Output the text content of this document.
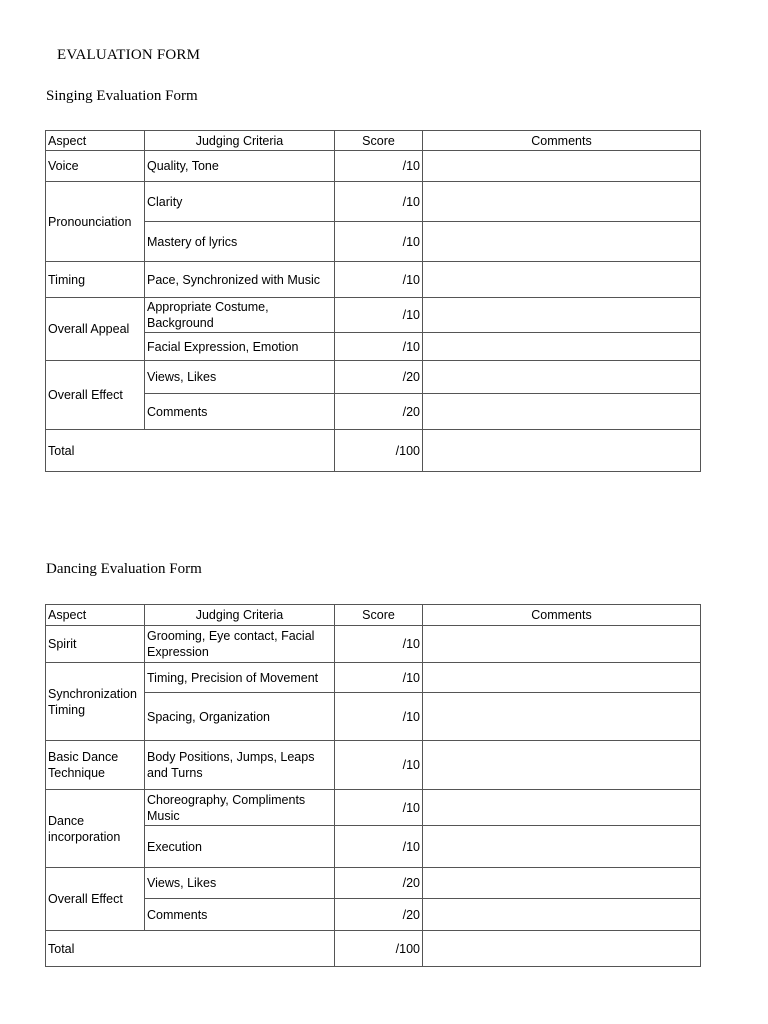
EVALUATION FORM
Singing Evaluation Form
Aspect	Judging Criteria	Score	Comments
Voice	Quality, Tone	/10	
Pronounciation	Clarity	/10	
	Mastery of lyrics	/10	
Timing	Pace, Synchronized with Music	/10	
Overall Appeal	Appropriate Costume, Background	/10	
	Facial Expression, Emotion	/10	
Overall Effect	Views, Likes	/20	
	Comments	/20	
Total		/100	
Dancing Evaluation Form
Aspect	Judging Criteria	Score	Comments
Spirit	Grooming, Eye contact, Facial Expression	/10	
Synchronization Timing	Timing, Precision of Movement	/10	
	Spacing, Organization	/10	
Basic Dance Technique	Body Positions, Jumps, Leaps and Turns	/10	
Dance incorporation	Choreography, Compliments Music	/10	
	Execution	/10	
Overall Effect	Views, Likes	/20	
	Comments	/20	
Total		/100	
